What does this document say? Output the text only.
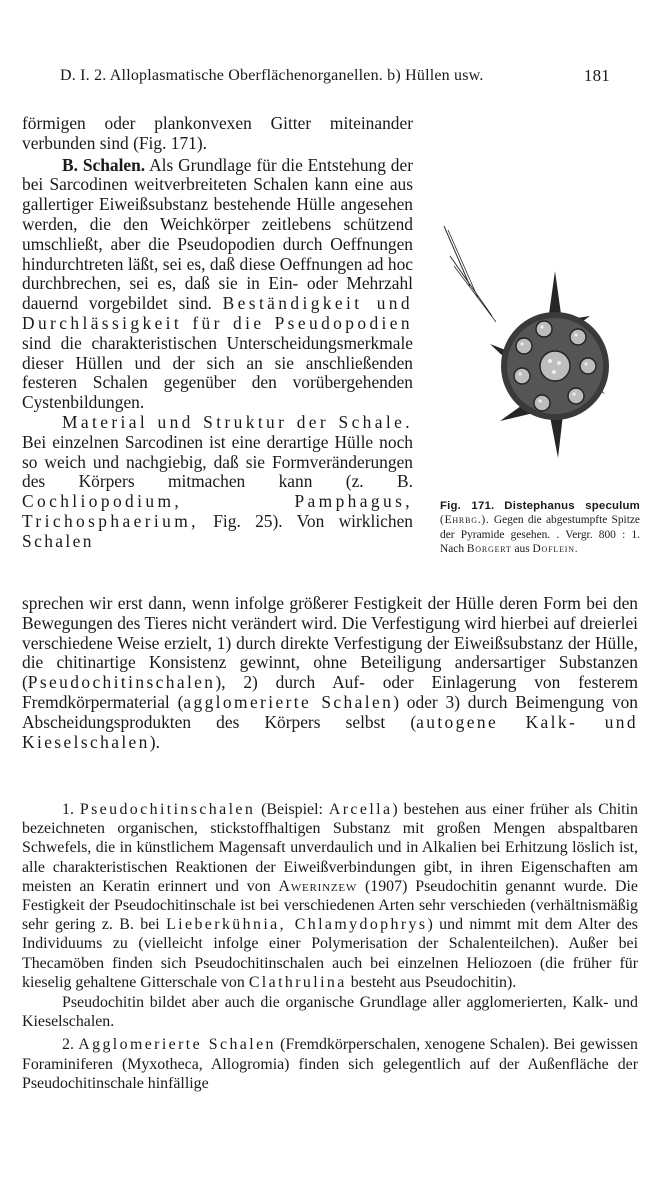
D. I. 2. Alloplasmatische Oberflächenorganellen. b) Hüllen usw.	181

förmigen oder plankonvexen Gitter miteinander verbunden sind (Fig. 171).

B. Schalen. Als Grundlage für die Entstehung der bei Sarcodinen weitverbreiteten Schalen kann eine aus gallertiger Eiweißsubstanz bestehende Hülle angesehen werden, die den Weichkörper zeitlebens schützend umschließt, aber die Pseudopodien durch Oeffnungen hindurchtreten läßt, sei es, daß diese Oeffnungen ad hoc durchbrechen, sei es, daß sie in Ein- oder Mehrzahl dauernd vorgebildet sind. Beständigkeit und Durchlässigkeit für die Pseudopodien sind die charakteristischen Unterscheidungsmerkmale dieser Hüllen und der sich an sie anschließenden festeren Schalen gegenüber den vorübergehenden Cystenbildungen.

Material und Struktur der Schale. Bei einzelnen Sarcodinen ist eine derartige Hülle noch so weich und nachgiebig, daß sie Formveränderungen des Körpers mitmachen kann (z. B. Cochliopodium, Pamphagus, Trichosphaerium, Fig. 25). Von wirklichen Schalen

Fig. 171. Distephanus speculum (Ehrbg.). Gegen die abgestumpfte Spitze der Pyramide gesehen. . Vergr. 800 : 1. Nach Borgert aus Doflein.

sprechen wir erst dann, wenn infolge größerer Festigkeit der Hülle deren Form bei den Bewegungen des Tieres nicht verändert wird. Die Verfestigung wird hierbei auf dreierlei verschiedene Weise erzielt, 1) durch direkte Verfestigung der Eiweißsubstanz der Hülle, die chitinartige Konsistenz gewinnt, ohne Beteiligung andersartiger Substanzen (Pseudochitinschalen), 2) durch Auf- oder Einlagerung von festerem Fremdkörpermaterial (agglomerierte Schalen) oder 3) durch Beimengung von Abscheidungsprodukten des Körpers selbst (autogene Kalk- und Kieselschalen).

1. Pseudochitinschalen (Beispiel: Arcella) bestehen aus einer früher als Chitin bezeichneten organischen, stickstoffhaltigen Substanz mit großen Mengen abspaltbaren Schwefels, die in künstlichem Magensaft unverdaulich und in Alkalien bei Erhitzung löslich ist, alle charakteristischen Reaktionen der Eiweißverbindungen gibt, in ihren Eigenschaften am meisten an Keratin erinnert und von Awerinzew (1907) Pseudochitin genannt wurde. Die Festigkeit der Pseudochitinschale ist bei verschiedenen Arten sehr verschieden (verhältnismäßig sehr gering z. B. bei Lieberkühnia, Chlamydophrys) und nimmt mit dem Alter des Individuums zu (vielleicht infolge einer Polymerisation der Schalenteilchen). Außer bei Thecamöben finden sich Pseudochitinschalen auch bei einzelnen Heliozoen (die früher für kieselig gehaltene Gitterschale von Clathrulina besteht aus Pseudochitin).

Pseudochitin bildet aber auch die organische Grundlage aller agglomerierten, Kalk- und Kieselschalen.

2. Agglomerierte Schalen (Fremdkörperschalen, xenogene Schalen). Bei gewissen Foraminiferen (Myxotheca, Allogromia) finden sich gelegentlich auf der Außenfläche der Pseudochitinschale hinfällige
